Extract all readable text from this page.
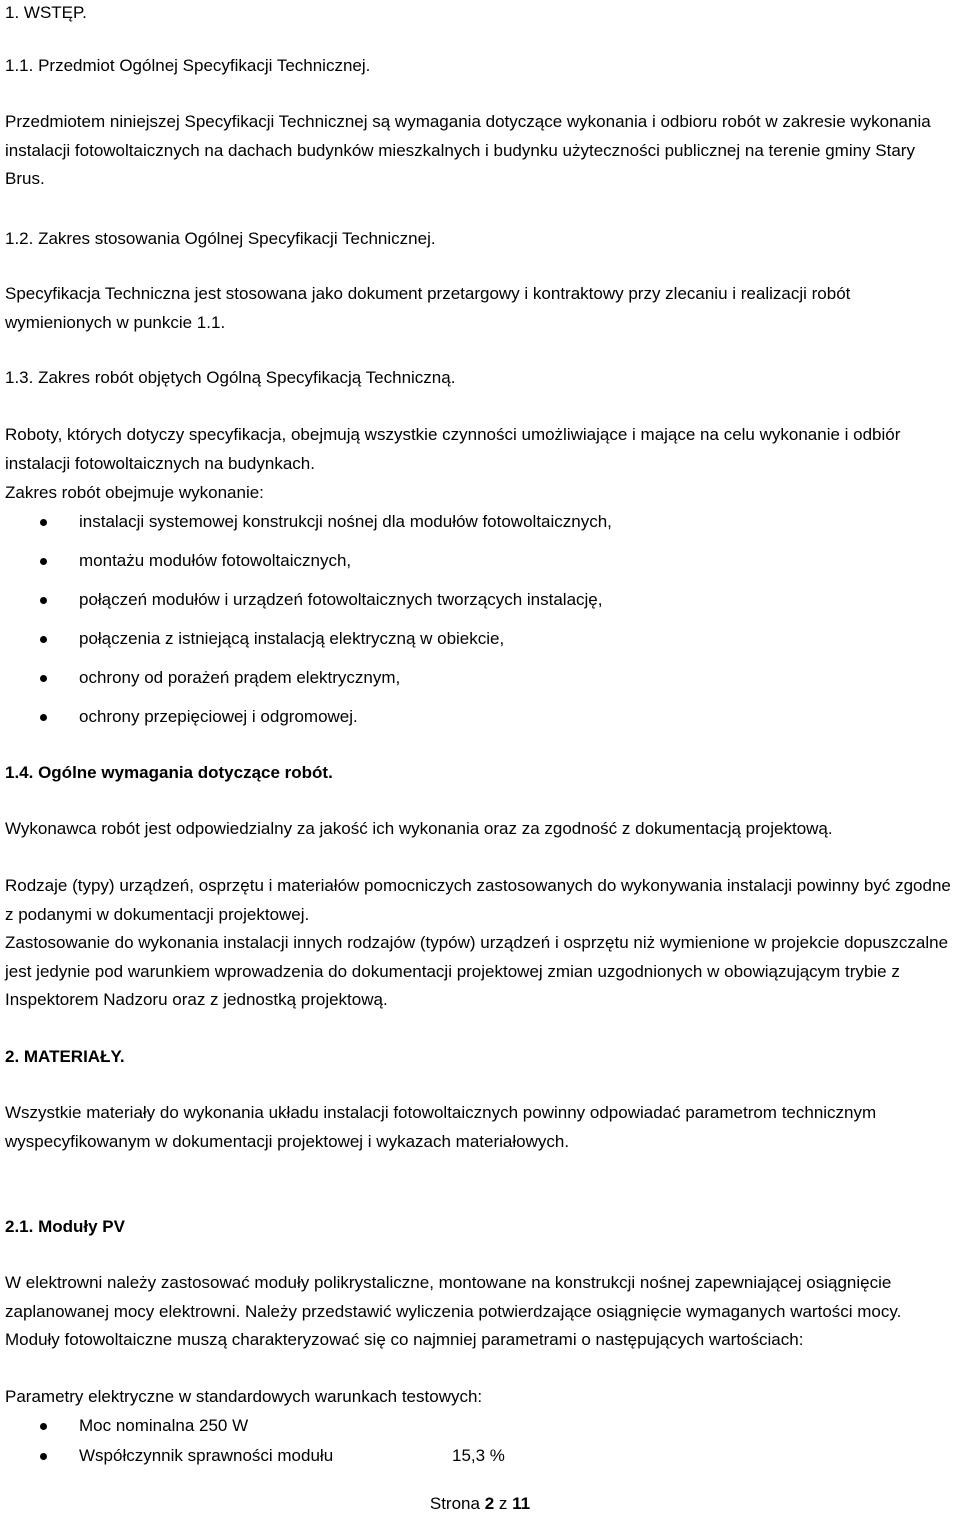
1. WSTĘP.
1.1. Przedmiot Ogólnej Specyfikacji Technicznej.
Przedmiotem niniejszej Specyfikacji Technicznej są wymagania dotyczące wykonania i odbioru robót w zakresie wykonania instalacji fotowoltaicznych na dachach budynków mieszkalnych i budynku użyteczności publicznej na terenie gminy Stary Brus.
1.2. Zakres stosowania Ogólnej Specyfikacji Technicznej.
Specyfikacja Techniczna jest stosowana jako dokument przetargowy i kontraktowy przy zlecaniu i realizacji robót wymienionych w punkcie 1.1.
1.3. Zakres robót objętych Ogólną Specyfikacją Techniczną.
Roboty, których dotyczy specyfikacja, obejmują wszystkie czynności umożliwiające i mające na celu wykonanie i odbiór instalacji fotowoltaicznych na budynkach.
Zakres robót obejmuje wykonanie:
instalacji systemowej konstrukcji nośnej dla modułów fotowoltaicznych,
montażu modułów fotowoltaicznych,
połączeń modułów i urządzeń fotowoltaicznych tworzących instalację,
połączenia z istniejącą instalacją elektryczną w obiekcie,
ochrony od porażeń prądem elektrycznym,
ochrony przepięciowej i odgromowej.
1.4. Ogólne wymagania dotyczące robót.
Wykonawca robót jest odpowiedzialny za jakość ich wykonania oraz za zgodność z dokumentacją projektową.
Rodzaje (typy) urządzeń, osprzętu i materiałów pomocniczych zastosowanych do wykonywania instalacji powinny być zgodne z podanymi w dokumentacji projektowej.
Zastosowanie do wykonania instalacji innych rodzajów (typów) urządzeń i osprzętu niż wymienione w projekcie dopuszczalne jest jedynie pod warunkiem wprowadzenia do dokumentacji projektowej zmian uzgodnionych w obowiązującym trybie z Inspektorem Nadzoru oraz z jednostką projektową.
2. MATERIAŁY.
Wszystkie materiały do wykonania układu instalacji fotowoltaicznych powinny odpowiadać parametrom technicznym wyspecyfikowanym w dokumentacji projektowej i wykazach materiałowych.
2.1. Moduły PV
W elektrowni należy zastosować moduły polikrystaliczne, montowane na konstrukcji nośnej zapewniającej osiągnięcie zaplanowanej mocy elektrowni. Należy przedstawić wyliczenia potwierdzające osiągnięcie wymaganych wartości mocy. Moduły fotowoltaiczne muszą charakteryzować się co najmniej parametrami o następujących wartościach:
Parametry elektryczne w standardowych warunkach testowych:
Moc nominalna 250 W
Współczynnik sprawności modułu	15,3 %
Strona 2 z 11
